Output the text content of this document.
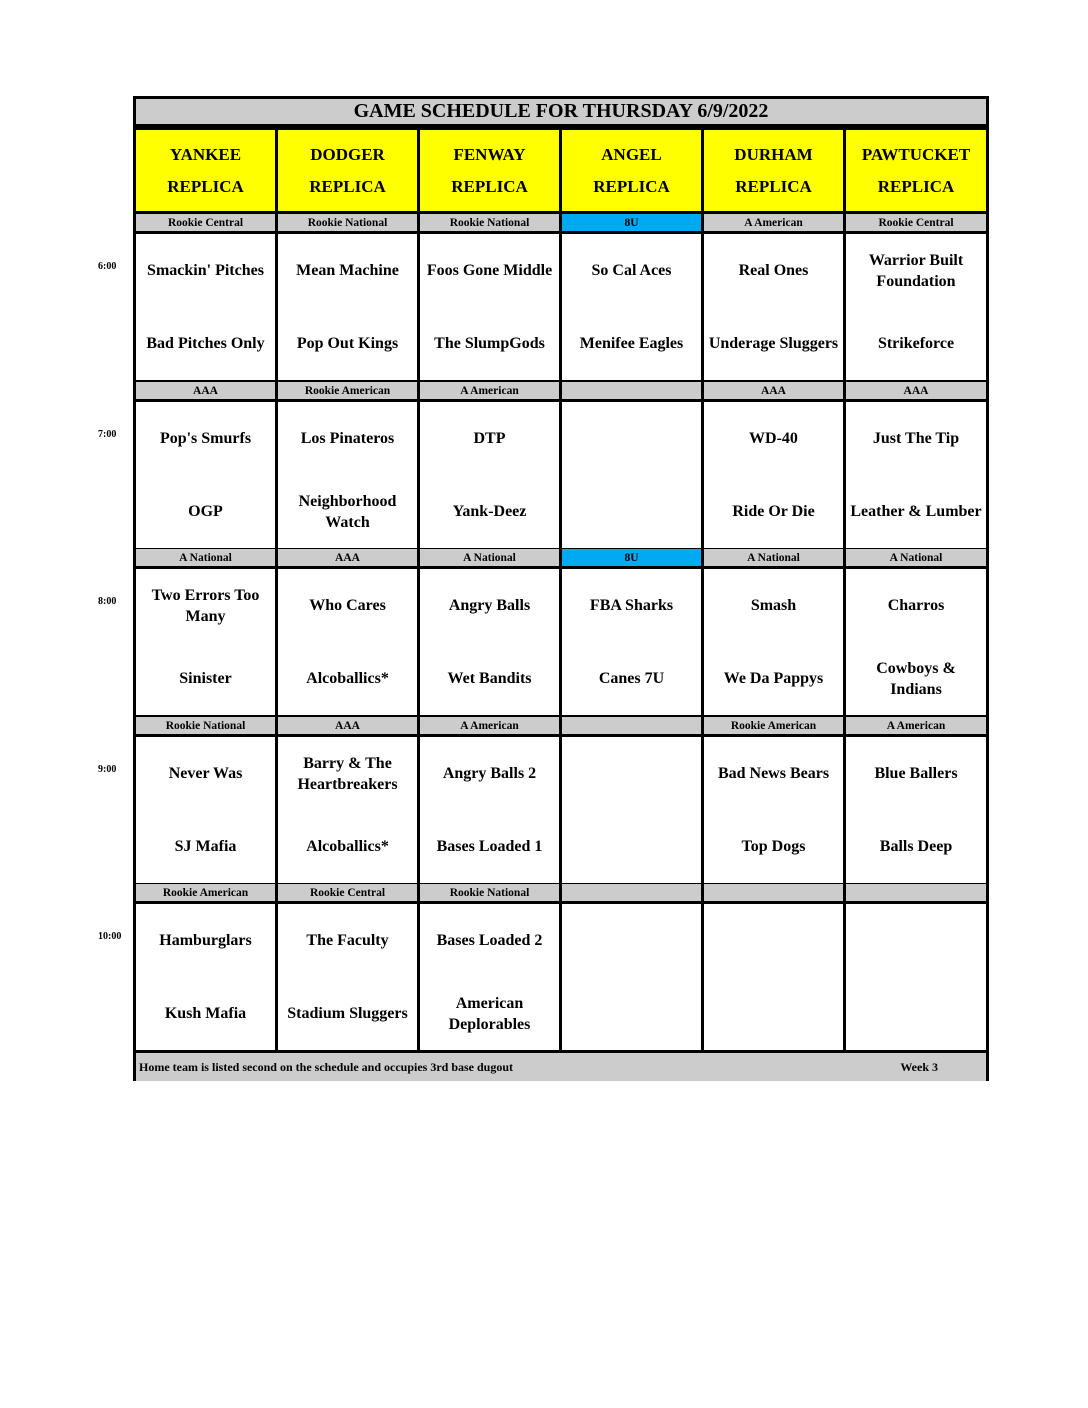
GAME SCHEDULE FOR THURSDAY 6/9/2022
Home team is listed second on the schedule and occupies 3rd base dugout	Week 3
YANKEE
REPLICA
DODGER
REPLICA
FENWAY
REPLICA
ANGEL
REPLICA
DURHAM
REPLICA
PAWTUCKET
REPLICA
Rookie Central
Smackin' Pitches
Bad Pitches Only
Rookie National
Mean Machine
Pop Out Kings
Rookie National
Foos Gone Middle
The SlumpGods
8U
So Cal Aces
Menifee Eagles
A American
Real Ones
Underage Sluggers
Rookie Central
Warrior Built Foundation
Strikeforce
AAA
Pop's Smurfs
OGP
Rookie American
Los Pinateros
Neighborhood Watch
A American
DTP
Yank-Deez
AAA
WD-40
Ride Or Die
AAA
Just The Tip
Leather & Lumber
A National
Two Errors Too Many
Sinister
AAA
Who Cares
Alcoballics*
A National
Angry Balls
Wet Bandits
8U
FBA Sharks
Canes 7U
A National
Smash
We Da Pappys
A National
Charros
Cowboys & Indians
Rookie National
Never Was
SJ Mafia
AAA
Barry & The Heartbreakers
Alcoballics*
A American
Angry Balls 2
Bases Loaded 1
Rookie American
Bad News Bears
Top Dogs
A American
Blue Ballers
Balls Deep
Rookie American
Hamburglars
Kush Mafia
Rookie Central
The Faculty
Stadium Sluggers
Rookie National
Bases Loaded 2
American Deplorables
6:00
7:00
8:00
9:00
10:00
